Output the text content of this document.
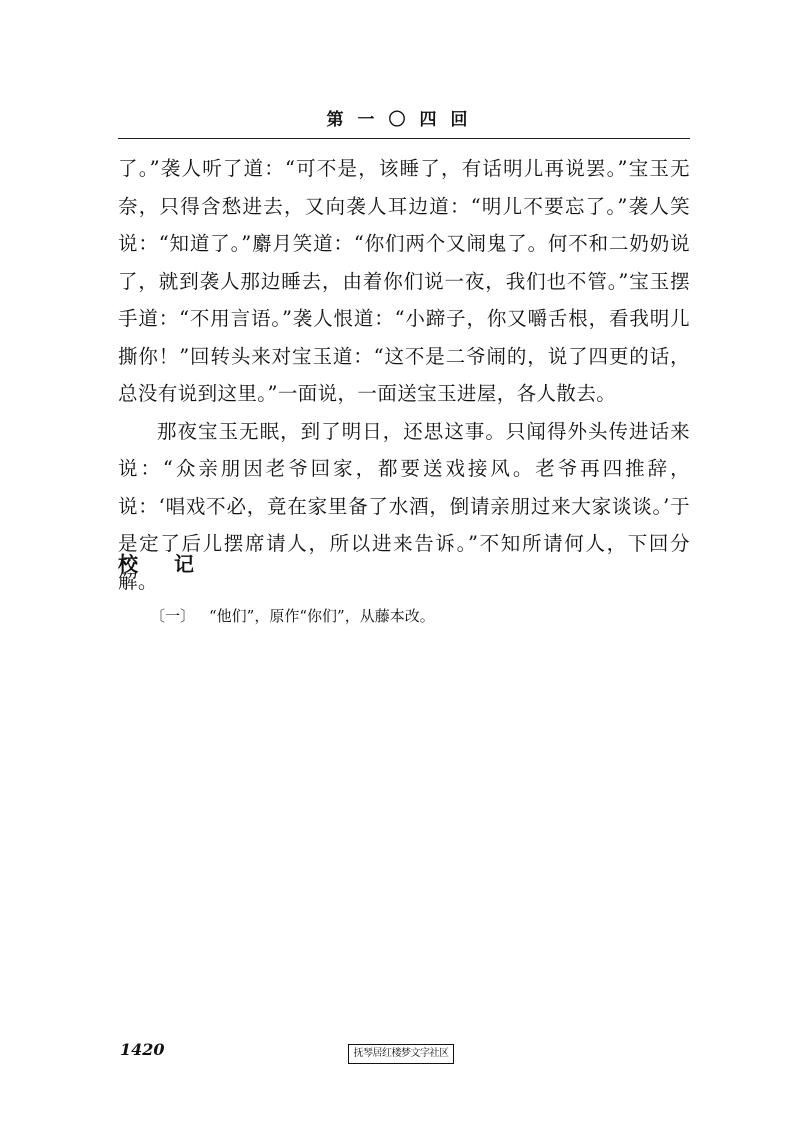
第一〇四回

了。”袭人听了道：“可不是，该睡了，有话明儿再说罢。”宝玉无奈，只得含愁进去，又向袭人耳边道：“明儿不要忘了。”袭人笑说：“知道了。”麝月笑道：“你们两个又闹鬼了。何不和二奶奶说了，就到袭人那边睡去，由着你们说一夜，我们也不管。”宝玉摆手道：“不用言语。”袭人恨道：“小蹄子，你又嚼舌根，看我明儿撕你！”回转头来对宝玉道：“这不是二爷闹的，说了四更的话，总没有说到这里。”一面说，一面送宝玉进屋，各人散去。

那夜宝玉无眠，到了明日，还思这事。只闻得外头传进话来说：“众亲朋因老爷回家，都要送戏接风。老爷再四推辞，说：‘唱戏不必，竟在家里备了水酒，倒请亲朋过来大家谈谈。’于是定了后儿摆席请人，所以进来告诉。”不知所请何人，下回分解。

校 记
〔一〕 “他们”，原作“你们”，从藤本改。
1420	抚琴居红楼梦文字社区
